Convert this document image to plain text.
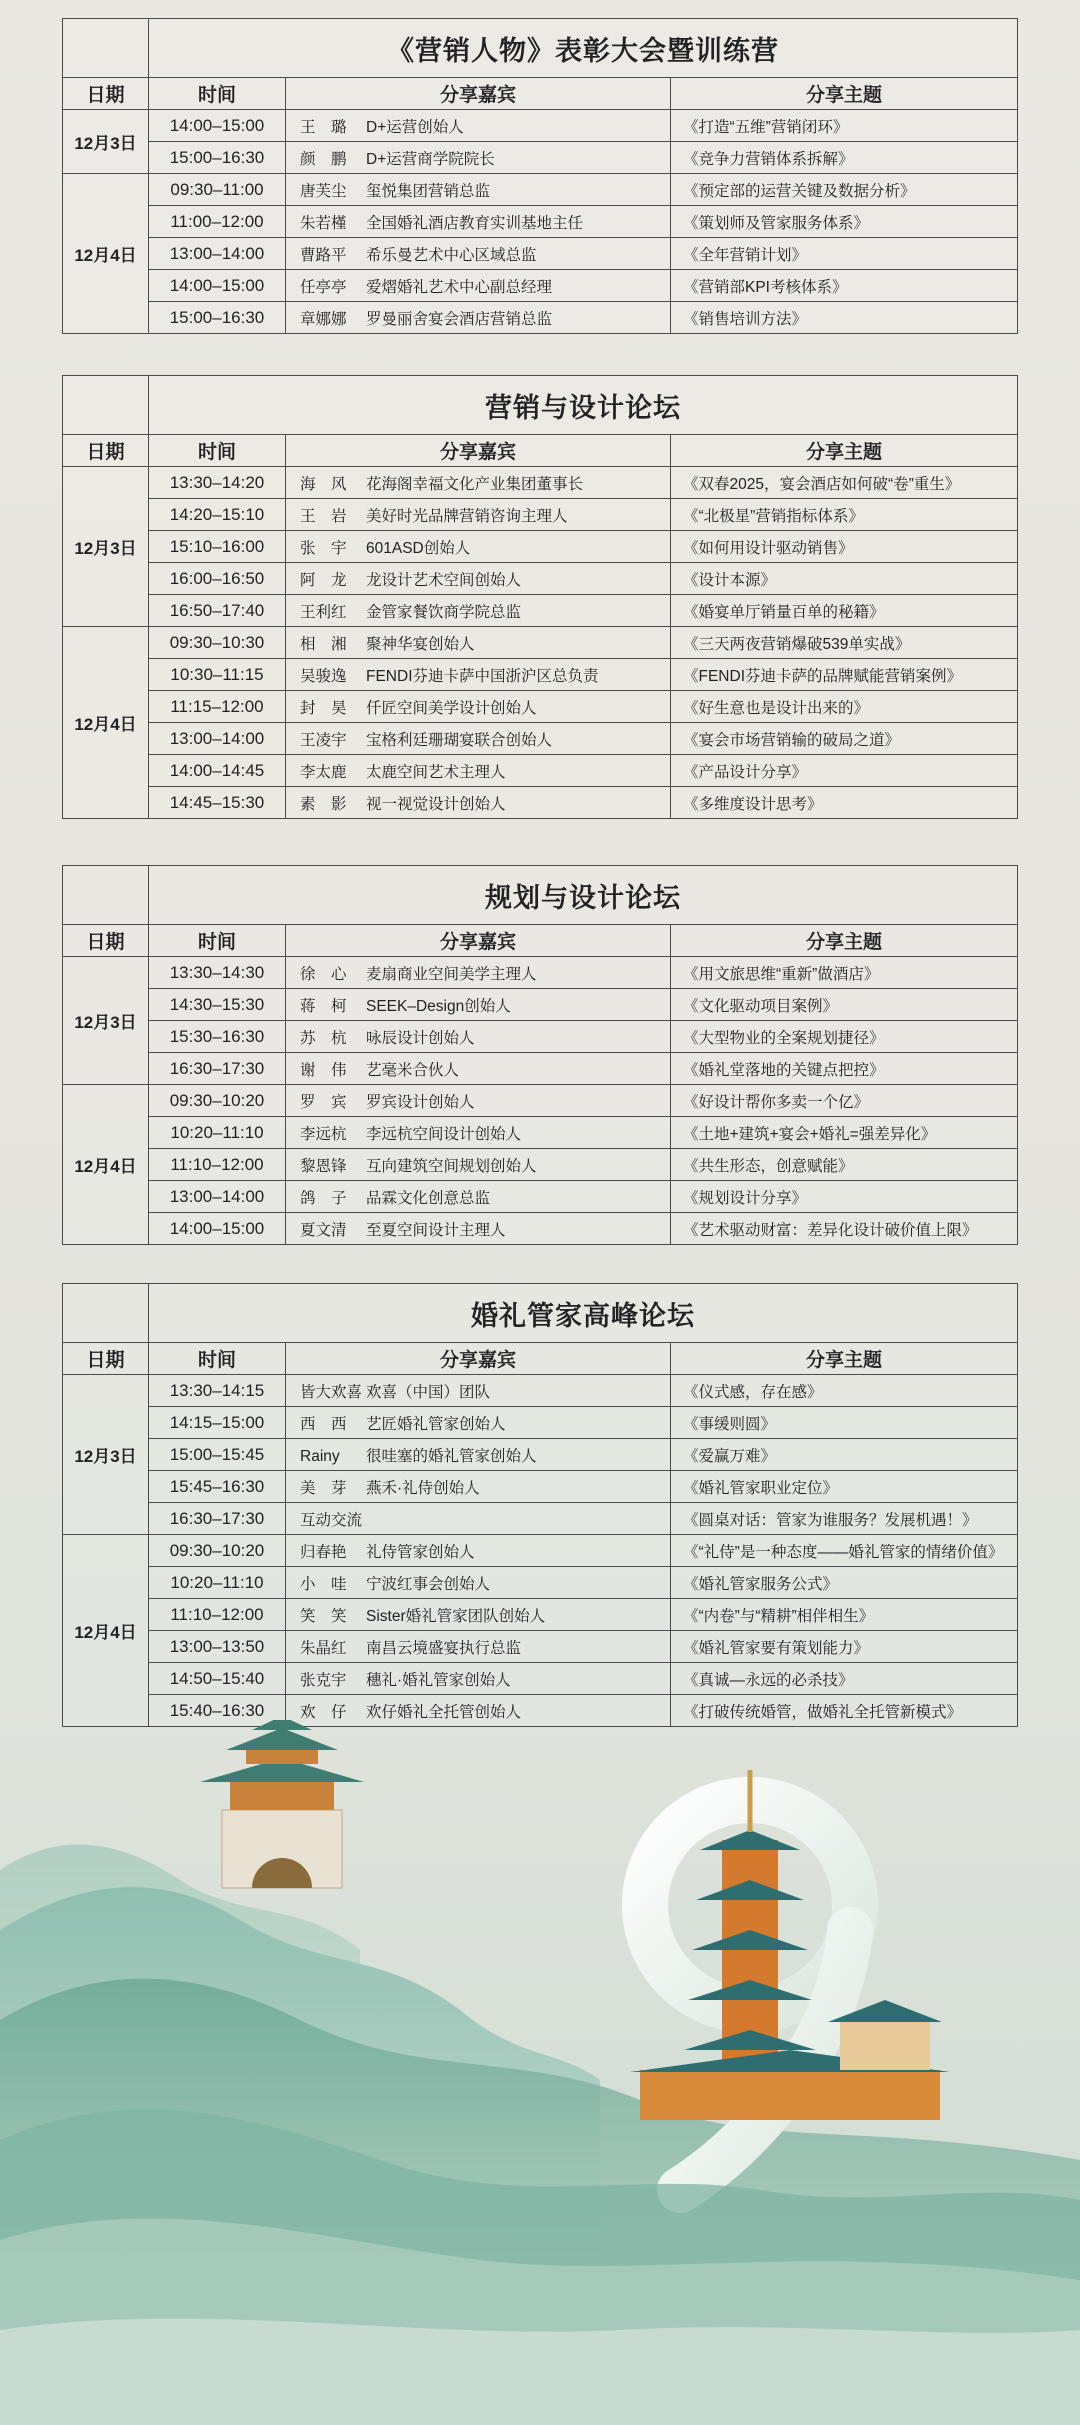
	《营销人物》表彰大会暨训练营		
日期	时间	分享嘉宾	分享主题
12月3日	14:00–15:00	王　璐 D+运营创始人	《打造“五维”营销闭环》
	15:00–16:30	颜　鹏 D+运营商学院院长	《竞争力营销体系拆解》
12月4日	09:30–11:00	唐芙尘 玺悦集团营销总监	《预定部的运营关键及数据分析》
	11:00–12:00	朱若槿 全国婚礼酒店教育实训基地主任	《策划师及管家服务体系》
	13:00–14:00	曹路平 希乐曼艺术中心区域总监	《全年营销计划》
	14:00–15:00	任亭亭 爱熠婚礼艺术中心副总经理	《营销部KPI考核体系》
	15:00–16:30	章娜娜 罗曼丽舍宴会酒店营销总监	《销售培训方法》
	营销与设计论坛		
日期	时间	分享嘉宾	分享主题
12月3日	13:30–14:20	海　风 花海阁幸福文化产业集团董事长	《双春2025，宴会酒店如何破“卷”重生》
	14:20–15:10	王　岩 美好时光品牌营销咨询主理人	《“北极星”营销指标体系》
	15:10–16:00	张　宇 601ASD创始人	《如何用设计驱动销售》
	16:00–16:50	阿　龙 龙设计艺术空间创始人	《设计本源》
	16:50–17:40	王利红 金管家餐饮商学院总监	《婚宴单厅销量百单的秘籍》
12月4日	09:30–10:30	相　湘 聚神华宴创始人	《三天两夜营销爆破539单实战》
	10:30–11:15	吴骏逸 FENDI芬迪卡萨中国浙沪区总负责	《FENDI芬迪卡萨的品牌赋能营销案例》
	11:15–12:00	封　昊 仟匠空间美学设计创始人	《好生意也是设计出来的》
	13:00–14:00	王凌宇 宝格利廷珊瑚宴联合创始人	《宴会市场营销输的破局之道》
	14:00–14:45	李太鹿 太鹿空间艺术主理人	《产品设计分享》
	14:45–15:30	素　影 视一视觉设计创始人	《多维度设计思考》
	规划与设计论坛		
日期	时间	分享嘉宾	分享主题
12月3日	13:30–14:30	徐　心 麦扇商业空间美学主理人	《用文旅思维“重新”做酒店》
	14:30–15:30	蒋　柯 SEEK–Design创始人	《文化驱动项目案例》
	15:30–16:30	苏　杭 咏辰设计创始人	《大型物业的全案规划捷径》
	16:30–17:30	谢　伟 艺毫米合伙人	《婚礼堂落地的关键点把控》
12月4日	09:30–10:20	罗　宾 罗宾设计创始人	《好设计帮你多卖一个亿》
	10:20–11:10	李远杭 李远杭空间设计创始人	《土地+建筑+宴会+婚礼=强差异化》
	11:10–12:00	黎恩锋 互向建筑空间规划创始人	《共生形态，创意赋能》
	13:00–14:00	鸽　子 品霖文化创意总监	《规划设计分享》
	14:00–15:00	夏文清 至夏空间设计主理人	《艺术驱动财富：差异化设计破价值上限》
	婚礼管家高峰论坛		
日期	时间	分享嘉宾	分享主题
12月3日	13:30–14:15	皆大欢喜 欢喜（中国）团队	《仪式感，存在感》
	14:15–15:00	西　西 艺匠婚礼管家创始人	《事缓则圆》
	15:00–15:45	Rainy 很哇塞的婚礼管家创始人	《爱赢万难》
	15:45–16:30	美　芽 燕禾·礼侍创始人	《婚礼管家职业定位》
	16:30–17:30	互动交流	《圆桌对话：管家为谁服务？发展机遇！》
12月4日	09:30–10:20	归春艳 礼侍管家创始人	《“礼侍”是一种态度——婚礼管家的情绪价值》
	10:20–11:10	小　哇 宁波红事会创始人	《婚礼管家服务公式》
	11:10–12:00	笑　笑 Sister婚礼管家团队创始人	《“内卷”与“精耕”相伴相生》
	13:00–13:50	朱晶红 南昌云境盛宴执行总监	《婚礼管家要有策划能力》
	14:50–15:40	张克宇 穗礼·婚礼管家创始人	《真诚—永远的必杀技》
	15:40–16:30	欢　仔 欢仔婚礼全托管创始人	《打破传统婚管，做婚礼全托管新模式》
